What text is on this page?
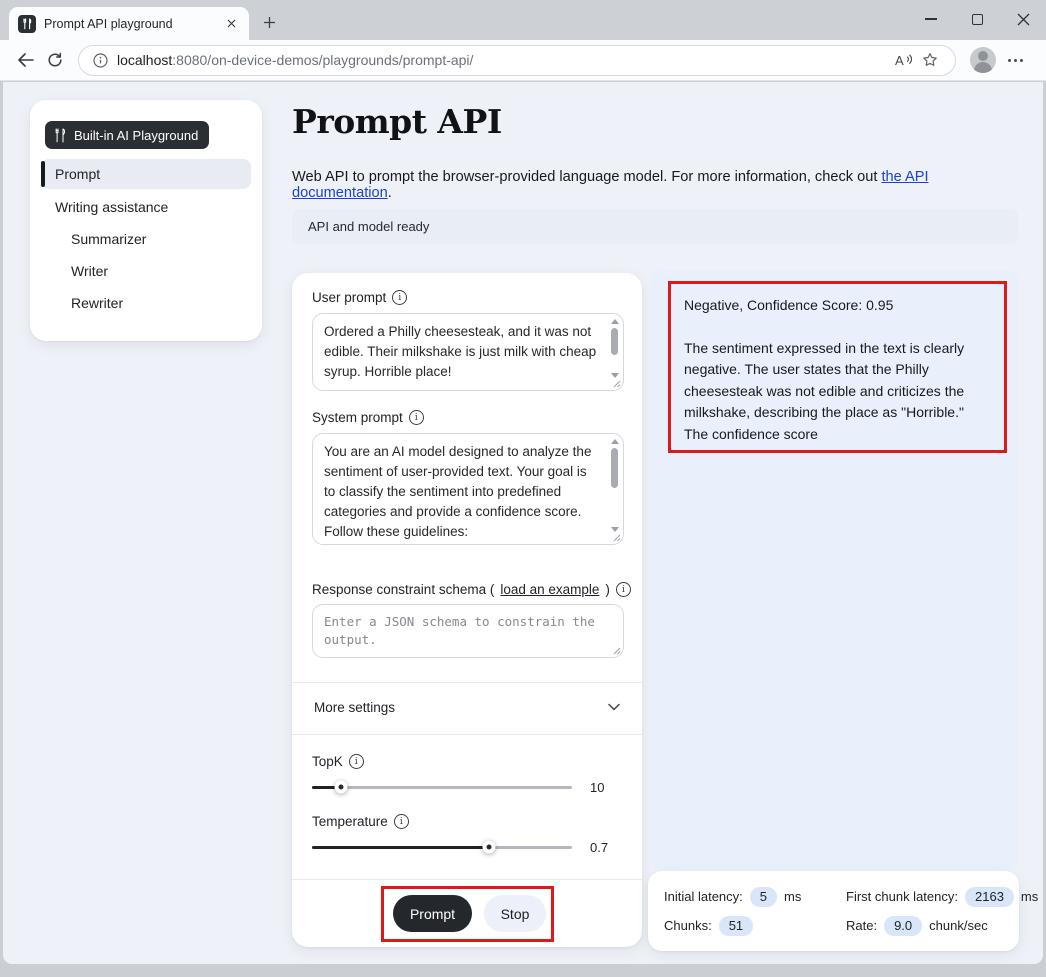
Prompt API playground
localhost:8080/on-device-demos/playgrounds/prompt-api/	A
Built-in AI Playground
Prompt
Writing assistance
Summarizer
Writer
Rewriter
Prompt API

Web API to prompt the browser-provided language model. For more information, check out the API documentation.

API and model ready
User prompt	i
Ordered a Philly cheesesteak, and it was not edible. Their milkshake is just milk with cheap syrup. Horrible place!
System prompt	i
You are an AI model designed to analyze the sentiment of user-provided text. Your goal is to classify the sentiment into predefined categories and provide a confidence score. Follow these guidelines:
Response constraint schema ( load an example )	i
Enter a JSON schema to constrain the output.
More settings
TopK	i
10
Temperature	i
0.7
Prompt	Stop
Negative, Confidence Score: 0.95
The sentiment expressed in the text is clearly negative. The user states that the Philly cheesesteak was not edible and criticizes the milkshake, describing the place as "Horrible." The confidence score
Initial latency:	5	ms	First chunk latency:	2163	ms
Chunks:	51	Rate:	9.0	chunk/sec
